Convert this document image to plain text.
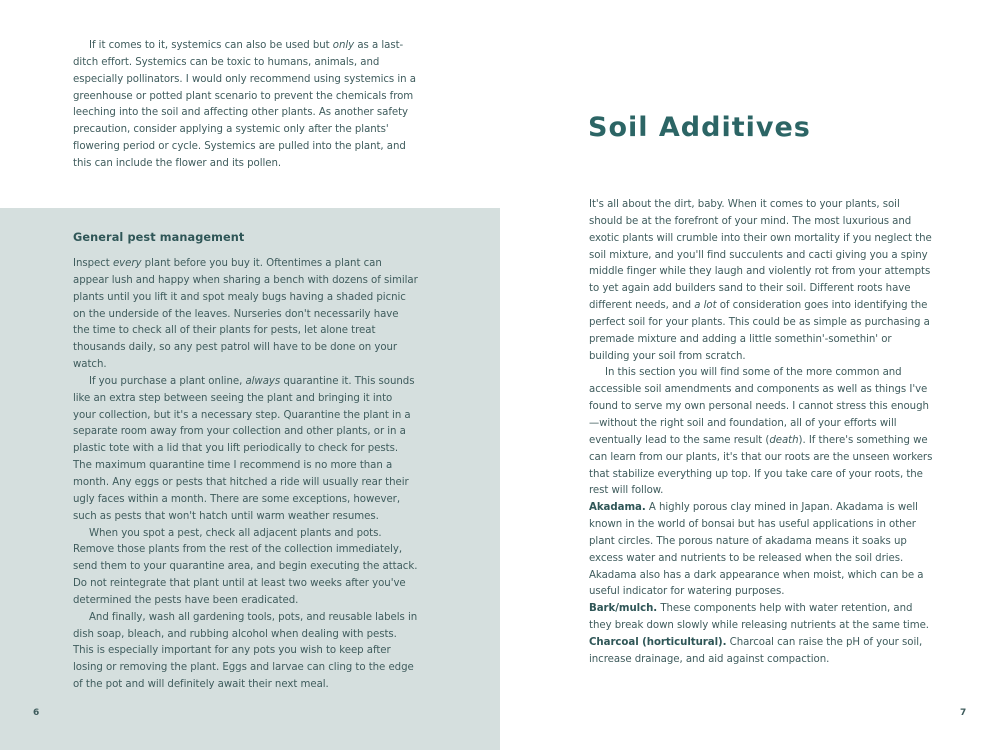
If it comes to it, systemics can also be used but only as a last-ditch effort. Systemics can be toxic to humans, animals, and especially pollinators. I would only recommend using systemics in a greenhouse or potted plant scenario to prevent the chemicals from leeching into the soil and affecting other plants. As another safety precaution, consider applying a systemic only after the plants' flowering period or cycle. Systemics are pulled into the plant, and this can include the flower and its pollen.

General pest management

Inspect every plant before you buy it. Oftentimes a plant can appear lush and happy when sharing a bench with dozens of similar plants until you lift it and spot mealy bugs having a shaded picnic on the underside of the leaves. Nurseries don't necessarily have the time to check all of their plants for pests, let alone treat thousands daily, so any pest patrol will have to be done on your watch.

If you purchase a plant online, always quarantine it. This sounds like an extra step between seeing the plant and bringing it into your collection, but it's a necessary step. Quarantine the plant in a separate room away from your collection and other plants, or in a plastic tote with a lid that you lift periodically to check for pests. The maximum quarantine time I recommend is no more than a month. Any eggs or pests that hitched a ride will usually rear their ugly faces within a month. There are some exceptions, however, such as pests that won't hatch until warm weather resumes.

When you spot a pest, check all adjacent plants and pots. Remove those plants from the rest of the collection immediately, send them to your quarantine area, and begin executing the attack. Do not reintegrate that plant until at least two weeks after you've determined the pests have been eradicated.

And finally, wash all gardening tools, pots, and reusable labels in dish soap, bleach, and rubbing alcohol when dealing with pests. This is especially important for any pots you wish to keep after losing or removing the plant. Eggs and larvae can cling to the edge of the pot and will definitely await their next meal.

6
Soil Additives

It's all about the dirt, baby. When it comes to your plants, soil should be at the forefront of your mind. The most luxurious and exotic plants will crumble into their own mortality if you neglect the soil mixture, and you'll find succulents and cacti giving you a spiny middle finger while they laugh and violently rot from your attempts to yet again add builders sand to their soil. Different roots have different needs, and a lot of consideration goes into identifying the perfect soil for your plants. This could be as simple as purchasing a premade mixture and adding a little somethin'-somethin' or building your soil from scratch.

In this section you will find some of the more common and accessible soil amendments and components as well as things I've found to serve my own personal needs. I cannot stress this enough—without the right soil and foundation, all of your efforts will eventually lead to the same result (death). If there's something we can learn from our plants, it's that our roots are the unseen workers that stabilize everything up top. If you take care of your roots, the rest will follow.

Akadama. A highly porous clay mined in Japan. Akadama is well known in the world of bonsai but has useful applications in other plant circles. The porous nature of akadama means it soaks up excess water and nutrients to be released when the soil dries. Akadama also has a dark appearance when moist, which can be a useful indicator for watering purposes.

Bark/mulch. These components help with water retention, and they break down slowly while releasing nutrients at the same time.

Charcoal (horticultural). Charcoal can raise the pH of your soil, increase drainage, and aid against compaction.

7
